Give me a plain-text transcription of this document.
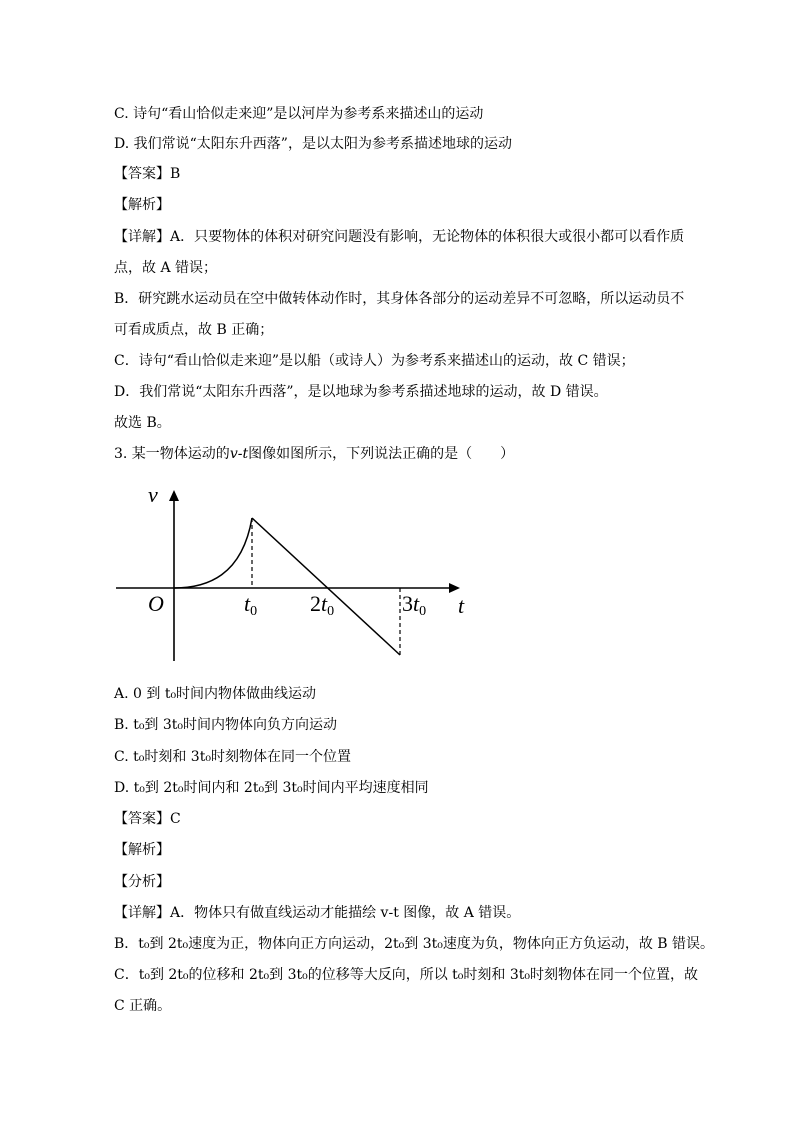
C. 诗句“看山恰似走来迎”是以河岸为参考系来描述山的运动
D. 我们常说“太阳东升西落”，是以太阳为参考系描述地球的运动
【答案】B
【解析】
【详解】A．只要物体的体积对研究问题没有影响，无论物体的体积很大或很小都可以看作质
点，故 A 错误；
B．研究跳水运动员在空中做转体动作时，其身体各部分的运动差异不可忽略，所以运动员不
可看成质点，故 B 正确；
C．诗句“看山恰似走来迎”是以船（或诗人）为参考系来描述山的运动，故 C 错误；
D．我们常说“太阳东升西落”，是以地球为参考系描述地球的运动，故 D 错误。
故选 B。
3. 某一物体运动的v-t图像如图所示，下列说法正确的是（　　）
v
t
O	t0 2t0	3t0
A. 0 到 t₀时间内物体做曲线运动
B. t₀到 3t₀时间内物体向负方向运动
C. t₀时刻和 3t₀时刻物体在同一个位置
D. t₀到 2t₀时间内和 2t₀到 3t₀时间内平均速度相同
【答案】C
【解析】
【分析】
【详解】A．物体只有做直线运动才能描绘 v-t 图像，故 A 错误。
B．t₀到 2t₀速度为正，物体向正方向运动，2t₀到 3t₀速度为负，物体向正方负运动，故 B 错误。
C．t₀到 2t₀的位移和 2t₀到 3t₀的位移等大反向，所以 t₀时刻和 3t₀时刻物体在同一个位置，故
C 正确。
